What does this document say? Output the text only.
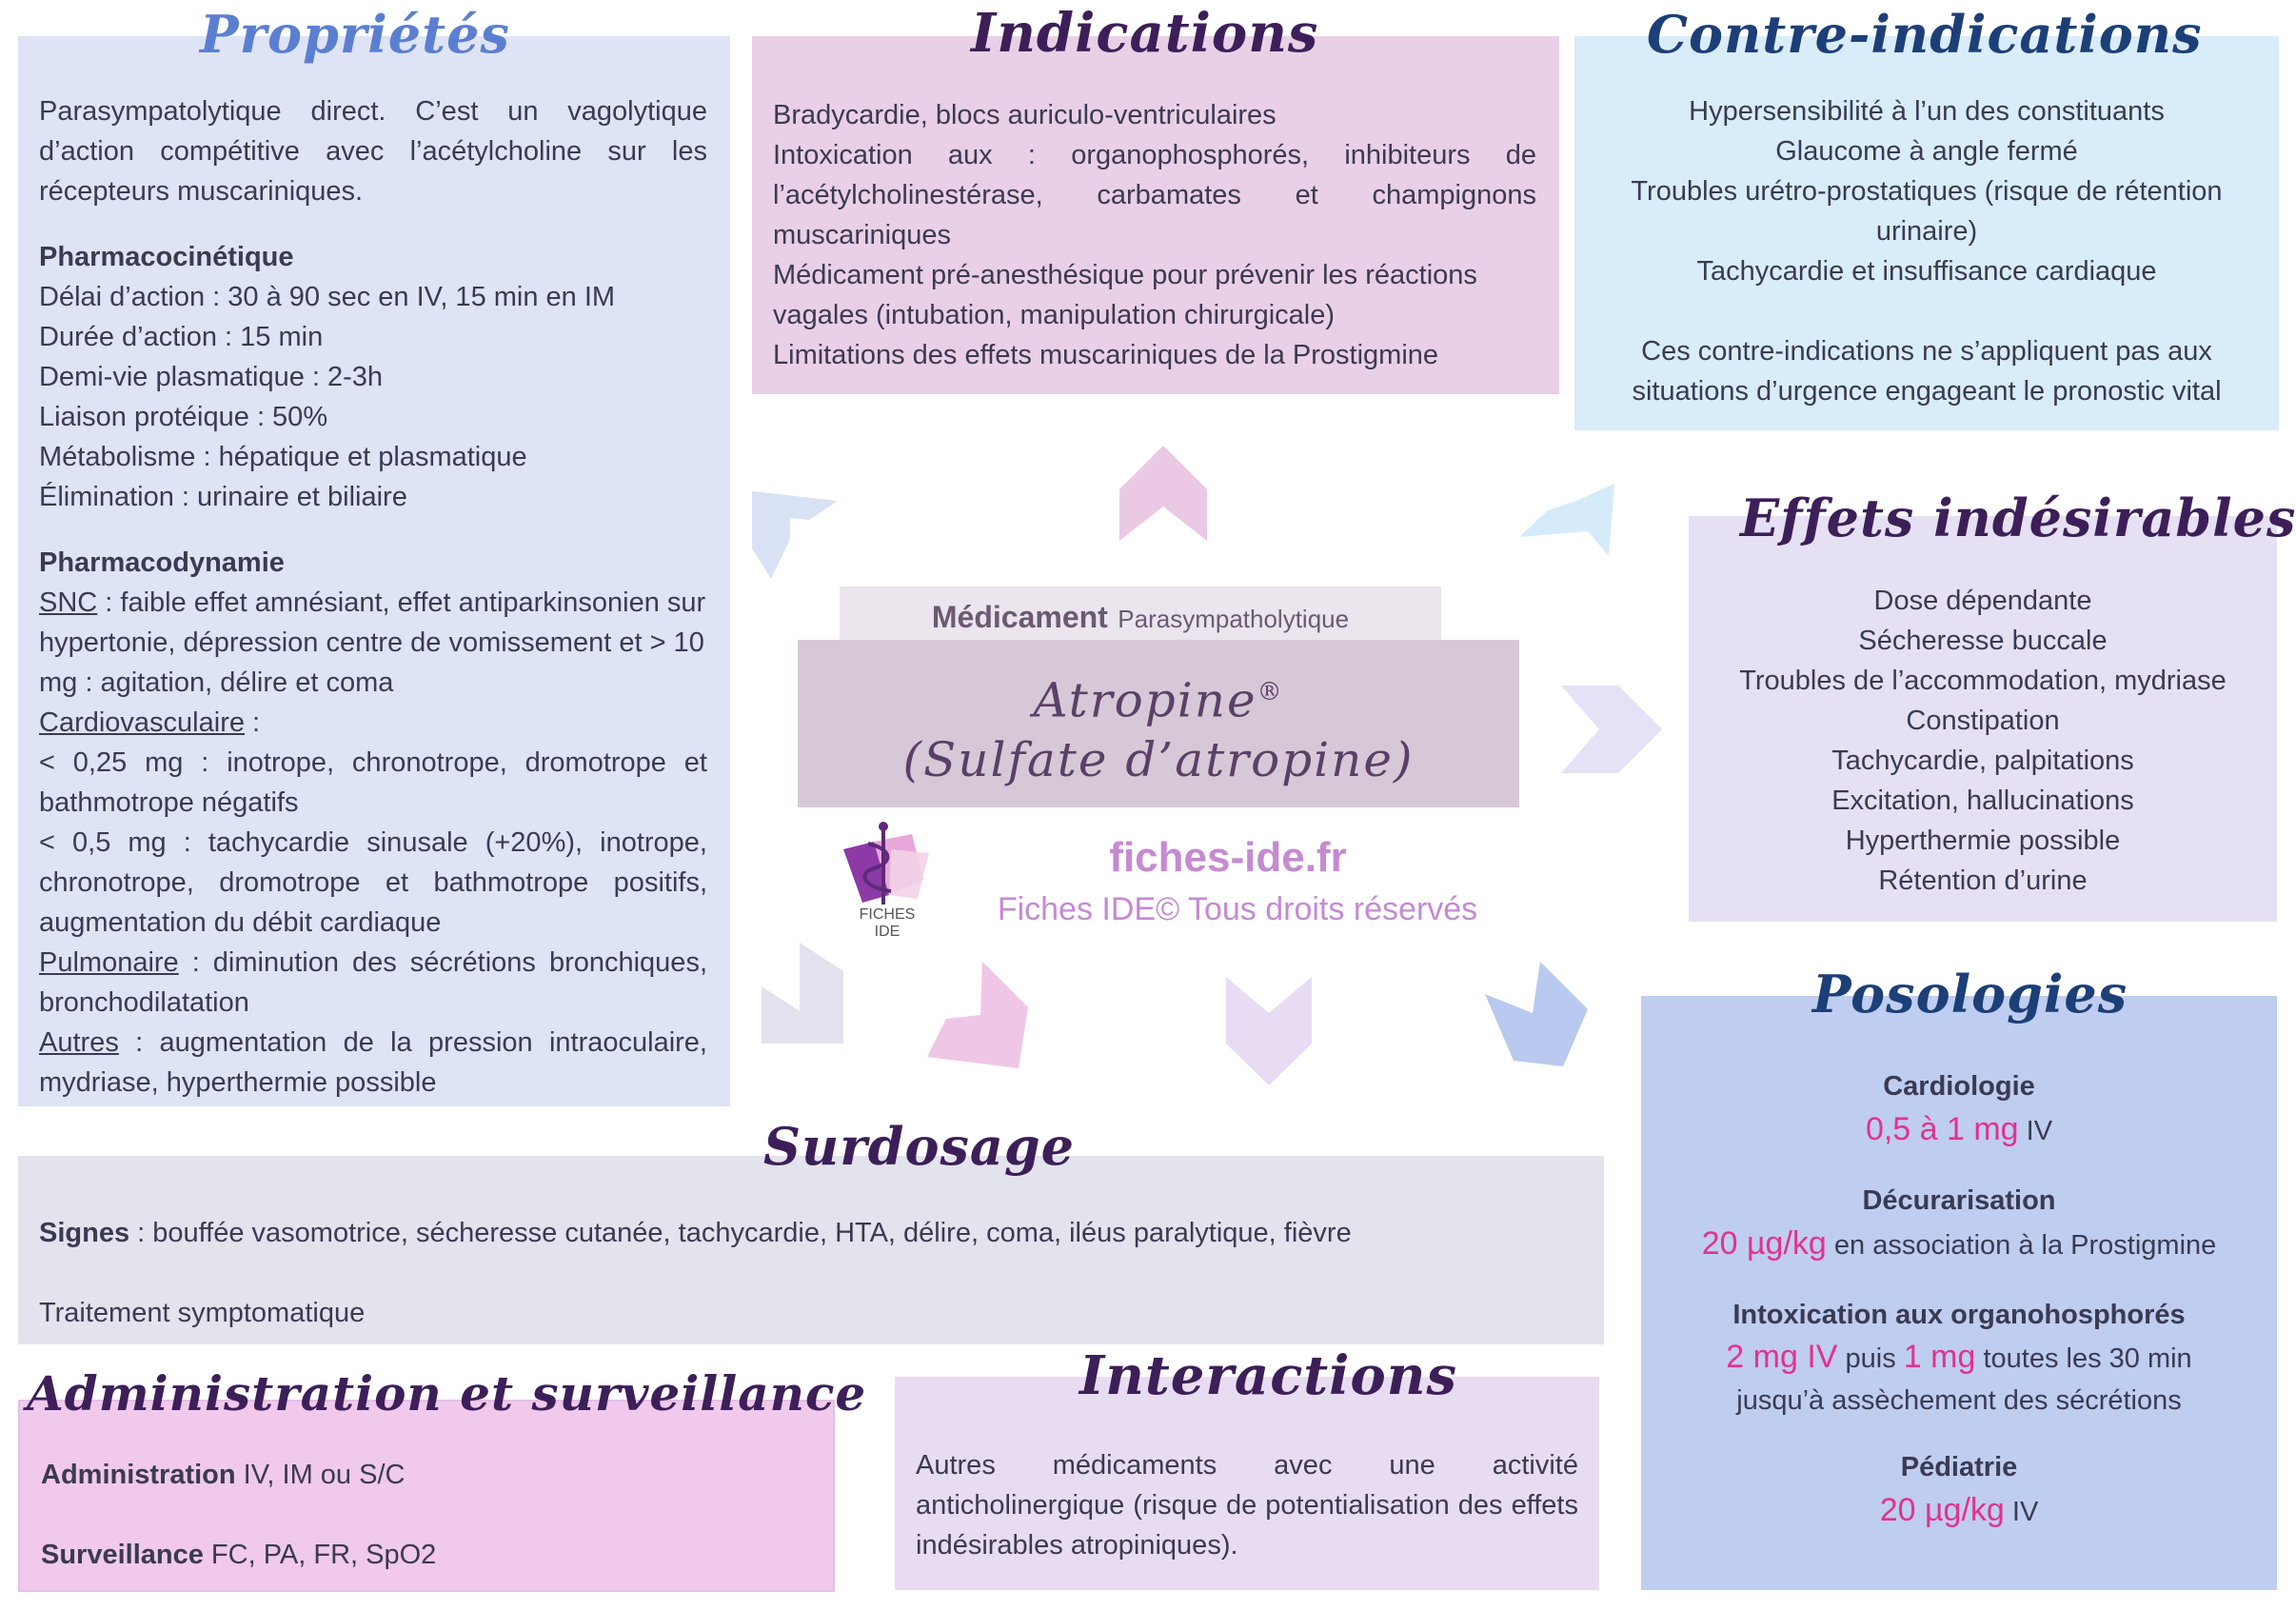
Parasympatolytique direct. C’est un vagolytique d’action compétitive avec l’acétylcholine sur les récepteurs muscariniques.

Pharmacocinétique

Délai d’action : 30 à 90 sec en IV, 15 min en IM

Durée d’action : 15 min

Demi-vie plasmatique : 2-3h

Liaison protéique : 50%

Métabolisme : hépatique et plasmatique

Élimination : urinaire et biliaire

Pharmacodynamie

SNC : faible effet amnésiant, effet antiparkinsonien sur hypertonie, dépression centre de vomissement et > 10 mg : agitation, délire et coma

Cardiovasculaire :

< 0,25 mg : inotrope, chronotrope, dromotrope et bathmotrope négatifs

< 0,5 mg : tachycardie sinusale (+20%), inotrope, chronotrope, dromotrope et bathmotrope positifs, augmentation du débit cardiaque

Pulmonaire : diminution des sécrétions bronchiques, bronchodilatation

Autres : augmentation de la pression intraoculaire, mydriase, hyperthermie possible

Propriétés

Bradycardie, blocs auriculo-ventriculaires

Intoxication aux : organophosphorés, inhibiteurs de l’acétylcholinestérase, carbamates et champignons muscariniques

Médicament pré-anesthésique pour prévenir les réactions vagales (intubation, manipulation chirurgicale)

Limitations des effets muscariniques de la Prostigmine

Indications

Hypersensibilité à l’un des constituants

Glaucome à angle fermé

Troubles urétro-prostatiques (risque de rétention urinaire)

Tachycardie et insuffisance cardiaque

Ces contre-indications ne s’appliquent pas aux situations d’urgence engageant le pronostic vital

Contre-indications

Dose dépendante

Sécheresse buccale

Troubles de l’accommodation, mydriase

Constipation

Tachycardie, palpitations

Excitation, hallucinations

Hyperthermie possible

Rétention d’urine

Effets indésirables
Médicament Parasympatholytique
Atropine®
(Sulfate d’atropine)
FICHES
IDE
fiches-ide.fr
Fiches IDE© Tous droits réservés

Cardiologie

0,5 à 1 mg IV

Décurarisation

20 µg/kg en association à la Prostigmine

Intoxication aux organohosphorés

2 mg IV puis 1 mg toutes les 30 min

jusqu’à assèchement des sécrétions

Pédiatrie

20 µg/kg IV

Posologies

Signes : bouffée vasomotrice, sécheresse cutanée, tachycardie, HTA, délire, coma, iléus paralytique, fièvre

Traitement symptomatique

Surdosage

Administration IV, IM ou S/C

Surveillance FC, PA, FR, SpO2

Administration et surveillance

Autres médicaments avec une activité anticholinergique (risque de potentialisation des effets indésirables atropiniques).

Interactions
